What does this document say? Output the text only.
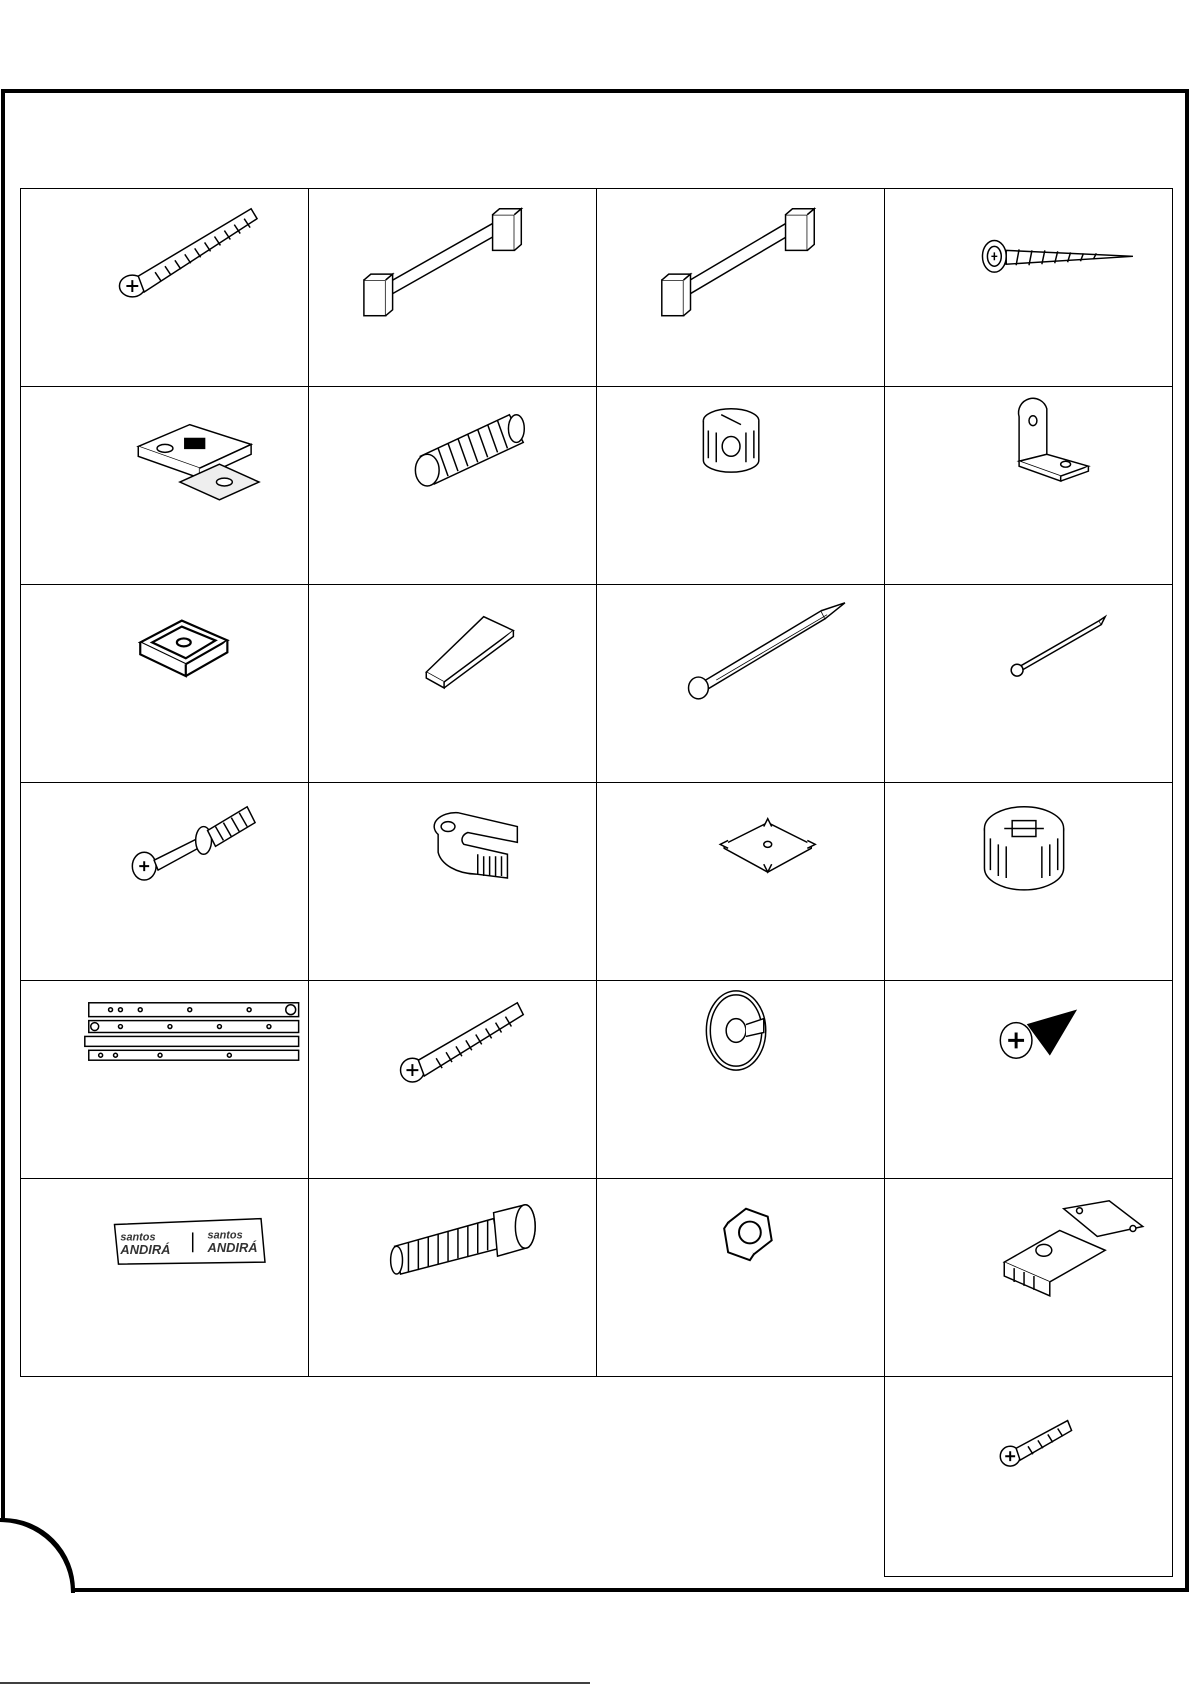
santos
ANDIRÁ
santos
ANDIRÁ
